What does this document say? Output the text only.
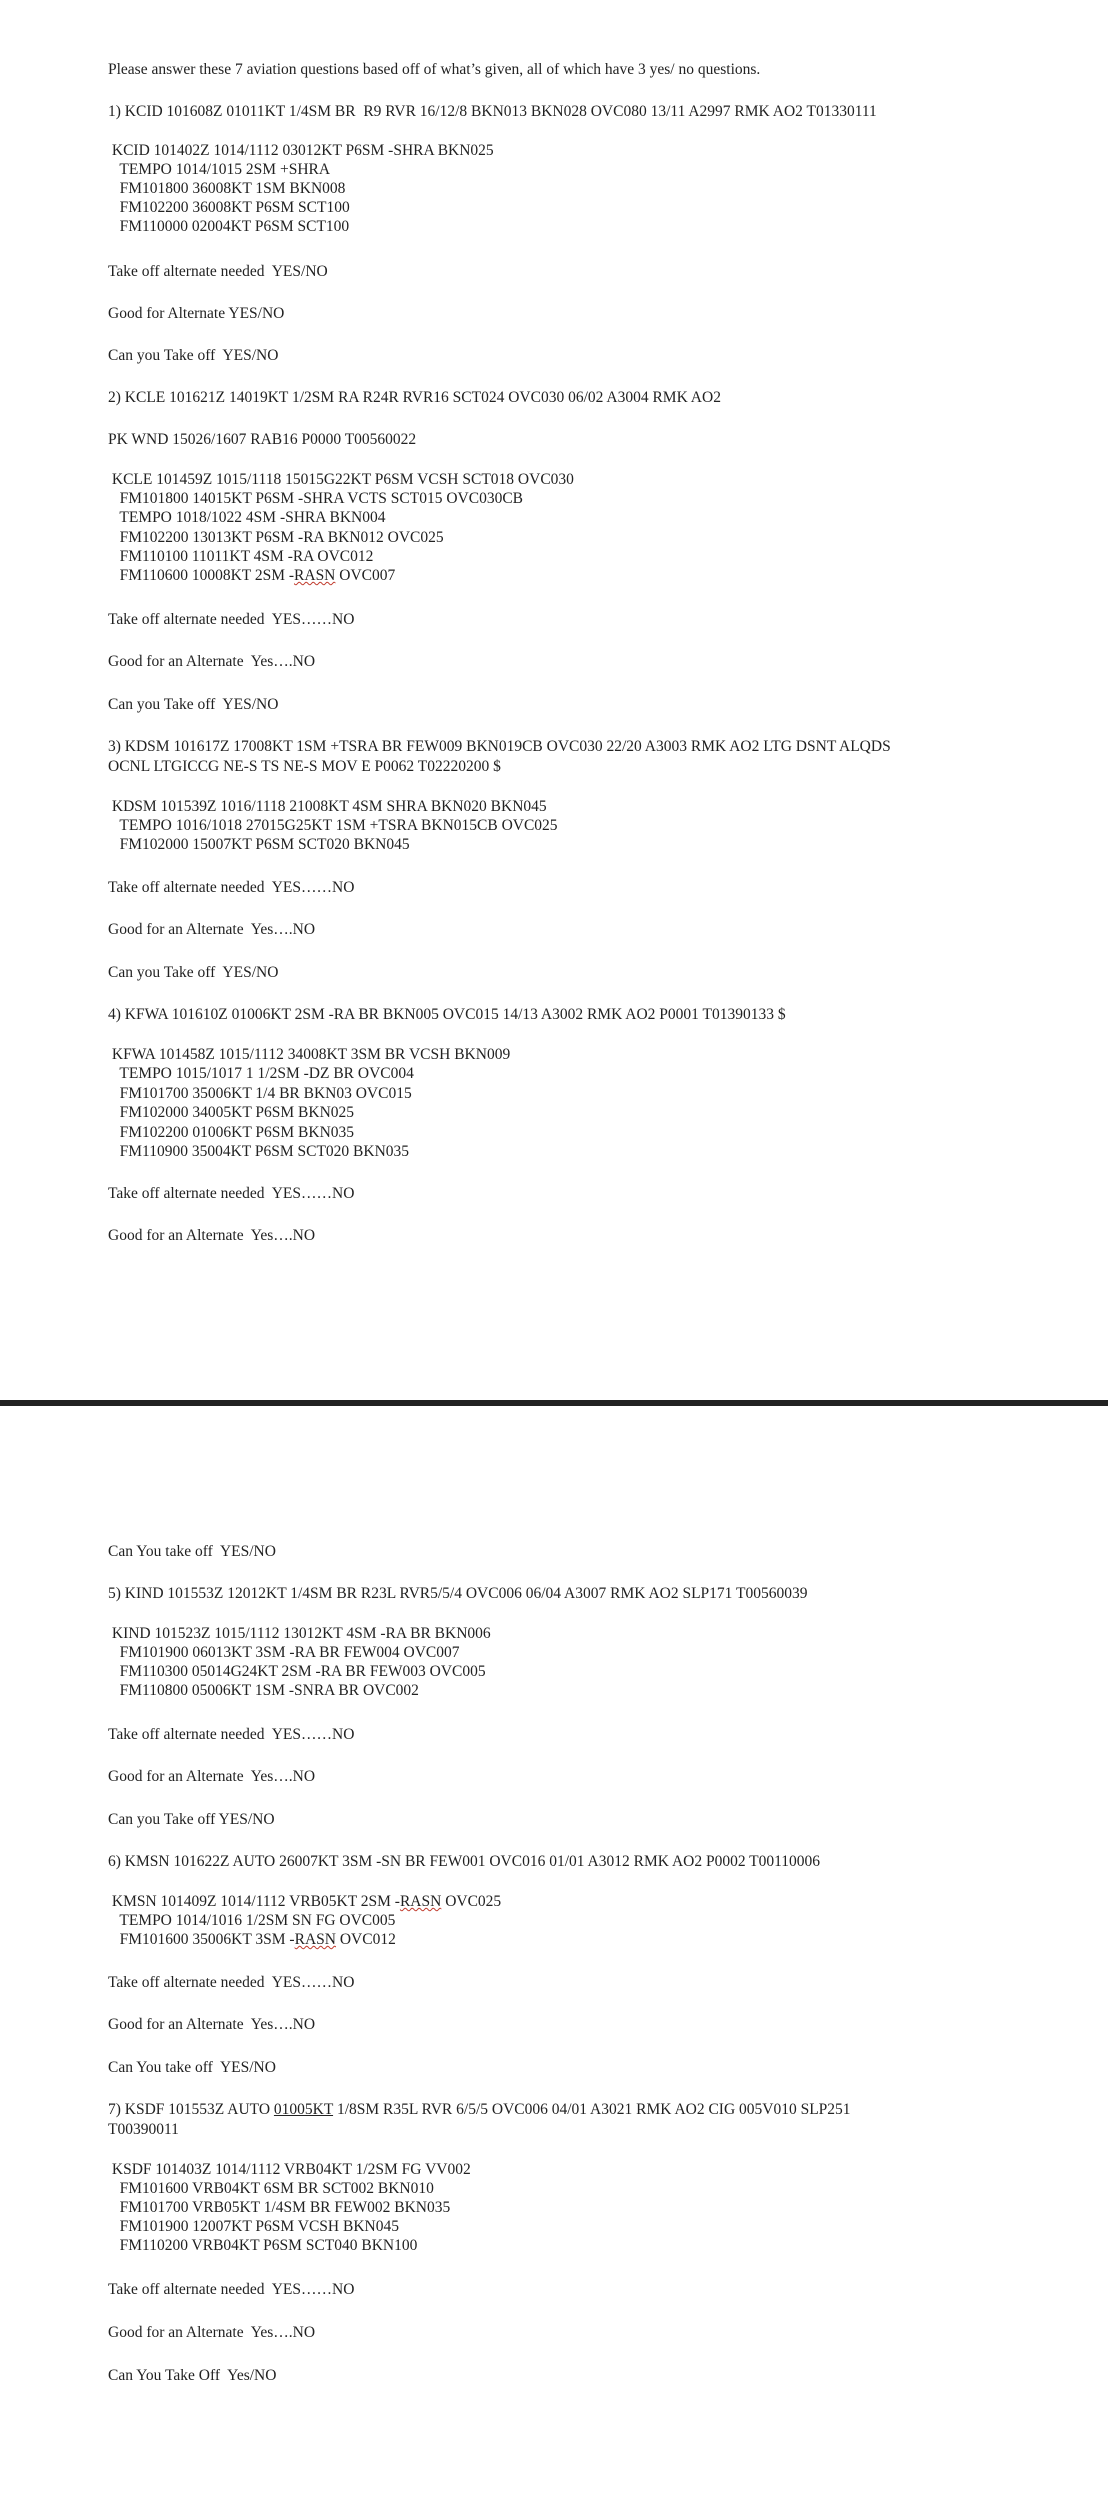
Please answer these 7 aviation questions based off of what’s given, all of which have 3 yes/ no questions.
1) KCID 101608Z 01011KT 1/4SM BR  R9 RVR 16/12/8 BKN013 BKN028 OVC080 13/11 A2997 RMK AO2 T01330111
KCID 101402Z 1014/1112 03012KT P6SM -SHRA BKN025
TEMPO 1014/1015 2SM +SHRA
FM101800 36008KT 1SM BKN008
FM102200 36008KT P6SM SCT100
FM110000 02004KT P6SM SCT100
Take off alternate needed  YES/NO
Good for Alternate YES/NO
Can you Take off  YES/NO
2) KCLE 101621Z 14019KT 1/2SM RA R24R RVR16 SCT024 OVC030 06/02 A3004 RMK AO2
PK WND 15026/1607 RAB16 P0000 T00560022
KCLE 101459Z 1015/1118 15015G22KT P6SM VCSH SCT018 OVC030
FM101800 14015KT P6SM -SHRA VCTS SCT015 OVC030CB
TEMPO 1018/1022 4SM -SHRA BKN004
FM102200 13013KT P6SM -RA BKN012 OVC025
FM110100 11011KT 4SM -RA OVC012
FM110600 10008KT 2SM -RASN OVC007
Take off alternate needed  YES……NO
Good for an Alternate  Yes….NO
Can you Take off  YES/NO
3) KDSM 101617Z 17008KT 1SM +TSRA BR FEW009 BKN019CB OVC030 22/20 A3003 RMK AO2 LTG DSNT ALQDS
OCNL LTGICCG NE-S TS NE-S MOV E P0062 T02220200 $
KDSM 101539Z 1016/1118 21008KT 4SM SHRA BKN020 BKN045
TEMPO 1016/1018 27015G25KT 1SM +TSRA BKN015CB OVC025
FM102000 15007KT P6SM SCT020 BKN045
Take off alternate needed  YES……NO
Good for an Alternate  Yes….NO
Can you Take off  YES/NO
4) KFWA 101610Z 01006KT 2SM -RA BR BKN005 OVC015 14/13 A3002 RMK AO2 P0001 T01390133 $
KFWA 101458Z 1015/1112 34008KT 3SM BR VCSH BKN009
TEMPO 1015/1017 1 1/2SM -DZ BR OVC004
FM101700 35006KT 1/4 BR BKN03 OVC015
FM102000 34005KT P6SM BKN025
FM102200 01006KT P6SM BKN035
FM110900 35004KT P6SM SCT020 BKN035
Take off alternate needed  YES……NO
Good for an Alternate  Yes….NO
Can You take off  YES/NO
5) KIND 101553Z 12012KT 1/4SM BR R23L RVR5/5/4 OVC006 06/04 A3007 RMK AO2 SLP171 T00560039
KIND 101523Z 1015/1112 13012KT 4SM -RA BR BKN006
FM101900 06013KT 3SM -RA BR FEW004 OVC007
FM110300 05014G24KT 2SM -RA BR FEW003 OVC005
FM110800 05006KT 1SM -SNRA BR OVC002
Take off alternate needed  YES……NO
Good for an Alternate  Yes….NO
Can you Take off YES/NO
6) KMSN 101622Z AUTO 26007KT 3SM -SN BR FEW001 OVC016 01/01 A3012 RMK AO2 P0002 T00110006
KMSN 101409Z 1014/1112 VRB05KT 2SM -RASN OVC025
TEMPO 1014/1016 1/2SM SN FG OVC005
FM101600 35006KT 3SM -RASN OVC012
Take off alternate needed  YES……NO
Good for an Alternate  Yes….NO
Can You take off  YES/NO
7) KSDF 101553Z AUTO 01005KT 1/8SM R35L RVR 6/5/5 OVC006 04/01 A3021 RMK AO2 CIG 005V010 SLP251
T00390011
KSDF 101403Z 1014/1112 VRB04KT 1/2SM FG VV002
FM101600 VRB04KT 6SM BR SCT002 BKN010
FM101700 VRB05KT 1/4SM BR FEW002 BKN035
FM101900 12007KT P6SM VCSH BKN045
FM110200 VRB04KT P6SM SCT040 BKN100
Take off alternate needed  YES……NO
Good for an Alternate  Yes….NO
Can You Take Off  Yes/NO
